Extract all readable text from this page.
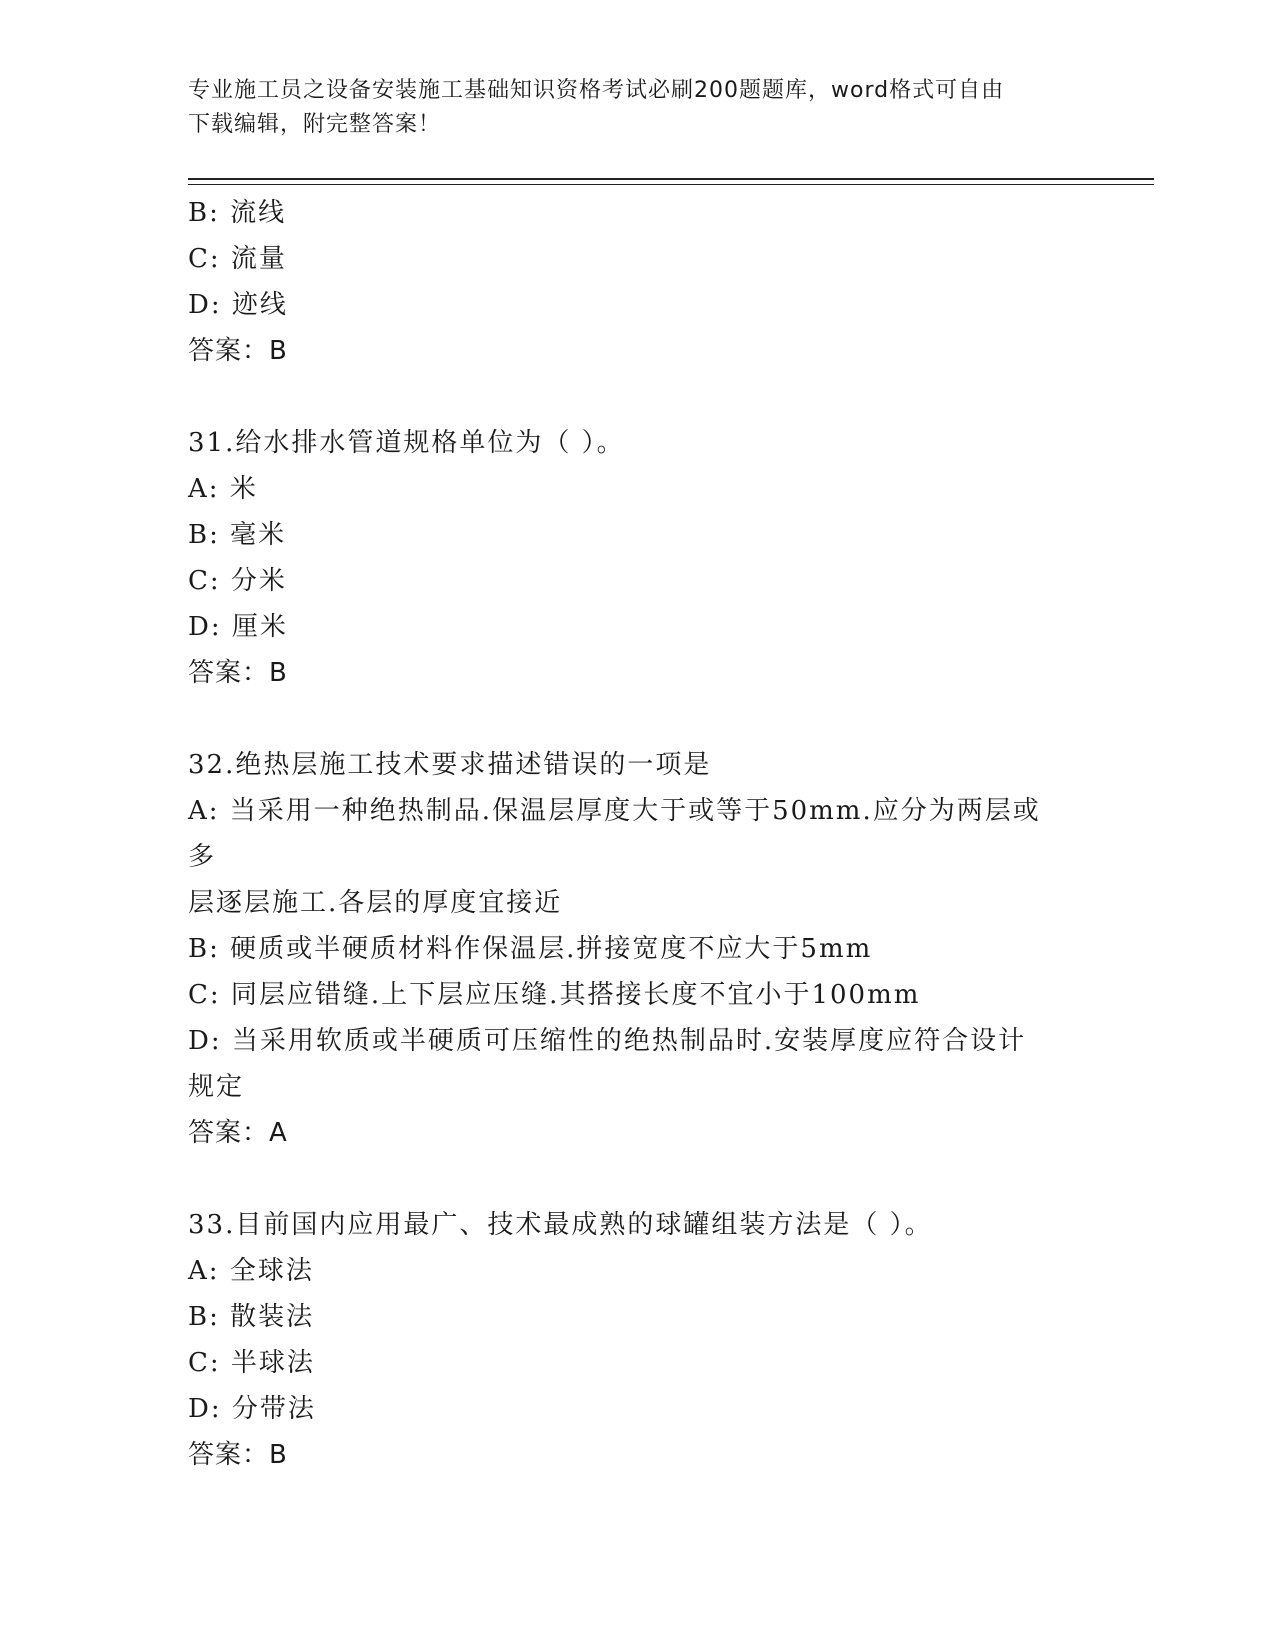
专业施工员之设备安装施工基础知识资格考试必刷200题题库，word格式可自由
下载编辑，附完整答案！
B: 流线
C: 流量
D: 迹线
答案：B
31.给水排水管道规格单位为（ ）。
A: 米
B: 毫米
C: 分米
D: 厘米
答案：B
32.绝热层施工技术要求描述错误的一项是
A: 当采用一种绝热制品.保温层厚度大于或等于50mm.应分为两层或多
层逐层施工.各层的厚度宜接近
B: 硬质或半硬质材料作保温层.拼接宽度不应大于5mm
C: 同层应错缝.上下层应压缝.其搭接长度不宜小于100mm
D: 当采用软质或半硬质可压缩性的绝热制品时.安装厚度应符合设计
规定
答案：A
33.目前国内应用最广、技术最成熟的球罐组装方法是（ ）。
A: 全球法
B: 散装法
C: 半球法
D: 分带法
答案：B
